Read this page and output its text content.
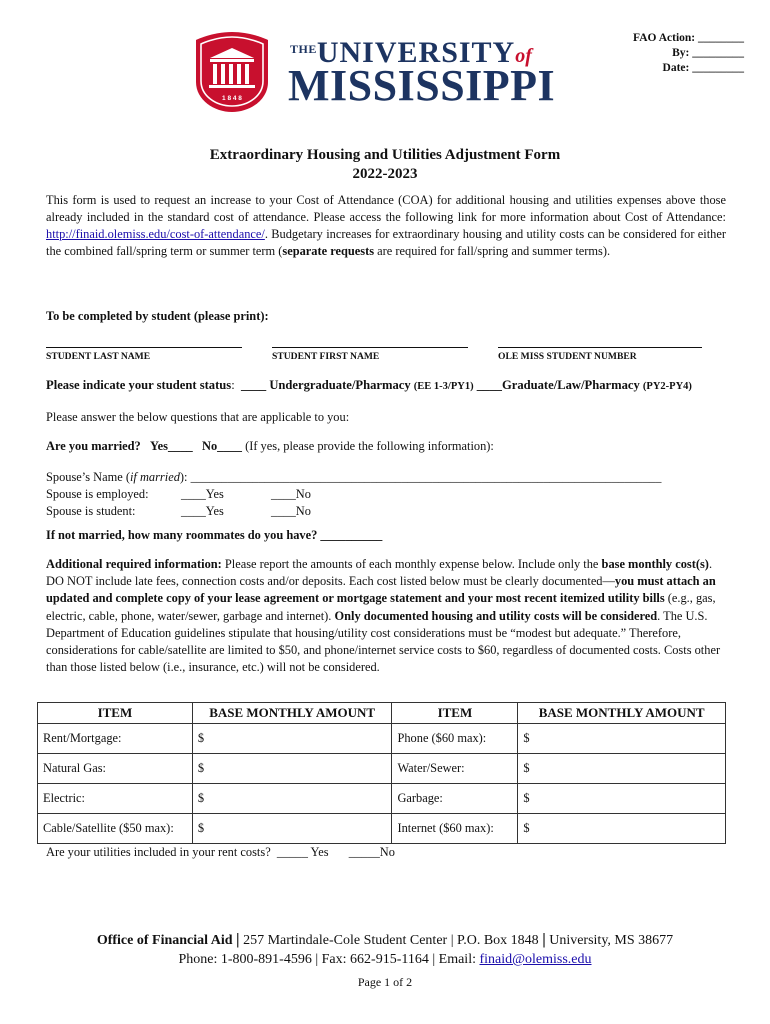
1 8 4 8
THEUNIVERSITYof
MISSISSIPPI
FAO Action: ________
By: _________
Date: _________
Extraordinary Housing and Utilities Adjustment Form
2022-2023
This form is used to request an increase to your Cost of Attendance (COA) for additional housing and utilities expenses above those already included in the standard cost of attendance. Please access the following link for more information about Cost of Attendance: http://finaid.olemiss.edu/cost-of-attendance/. Budgetary increases for extraordinary housing and utility costs can be considered for either the combined fall/spring term or summer term (separate requests are required for fall/spring and summer terms).
To be completed by student (please print):
STUDENT LAST NAME	STUDENT FIRST NAME	OLE MISS STUDENT NUMBER
Please indicate your student status: ____ Undergraduate/Pharmacy (EE 1-3/PY1) ____Graduate/Law/Pharmacy (PY2-PY4)
Please answer the below questions that are applicable to you:
Are you married? Yes____ No____ (If yes, please provide the following information):
Spouse’s Name (if married): ____________________________________________________________________________
Spouse is employed:	____Yes	____No
Spouse is student:	____Yes	____No
If not married, how many roommates do you have? __________
Additional required information: Please report the amounts of each monthly expense below. Include only the base monthly cost(s). DO NOT include late fees, connection costs and/or deposits. Each cost listed below must be clearly documented—you must attach an updated and complete copy of your lease agreement or mortgage statement and your most recent itemized utility bills (e.g., gas, electric, cable, phone, water/sewer, garbage and internet). Only documented housing and utility costs will be considered. The U.S. Department of Education guidelines stipulate that housing/utility cost considerations must be “modest but adequate.” Therefore, considerations for cable/satellite are limited to $50, and phone/internet service costs to $60, regardless of documented costs. Costs other than those listed below (i.e., insurance, etc.) will not be considered.
ITEM	BASE MONTHLY AMOUNT	ITEM	BASE MONTHLY AMOUNT
Rent/Mortgage:	$	Phone ($60 max):	$
Natural Gas:	$	Water/Sewer:	$
Electric:	$	Garbage:	$
Cable/Satellite ($50 max):	$	Internet ($60 max):	$
Are your utilities included in your rent costs? _____ Yes _____No
Office of Financial Aid | 257 Martindale-Cole Student Center | P.O. Box 1848 | University, MS 38677
Phone: 1-800-891-4596 | Fax: 662-915-1164 | Email: finaid@olemiss.edu
Page 1 of 2
